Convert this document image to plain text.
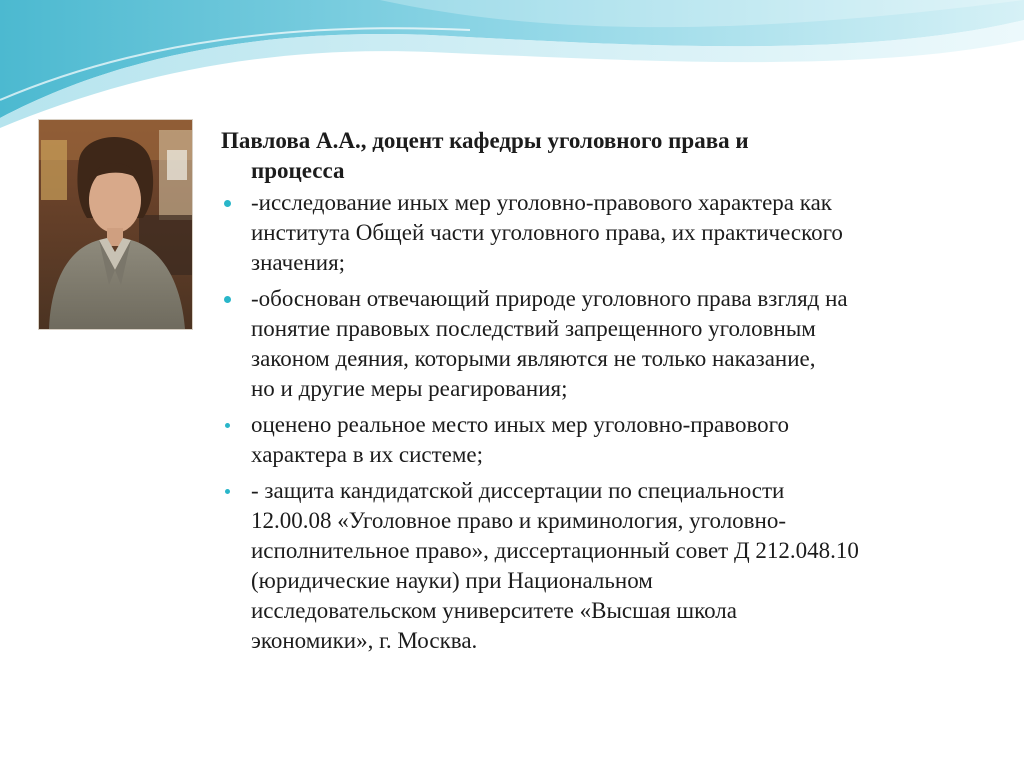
Павлова А.А., доцент кафедры уголовного права и
процесса
-исследование иных мер уголовно-правового характера как
института Общей части уголовного права, их практического
значения;
-обоснован отвечающий природе уголовного права взгляд на
понятие правовых последствий запрещенного уголовным
законом деяния, которыми являются не только наказание,
но и другие меры реагирования;
оценено реальное место иных мер уголовно-правового
характера в их системе;
- защита кандидатской диссертации по специальности
12.00.08 «Уголовное право и криминология, уголовно-
исполнительное право», диссертационный совет Д 212.048.10
(юридические науки) при Национальном
исследовательском университете «Высшая школа
экономики», г. Москва.
